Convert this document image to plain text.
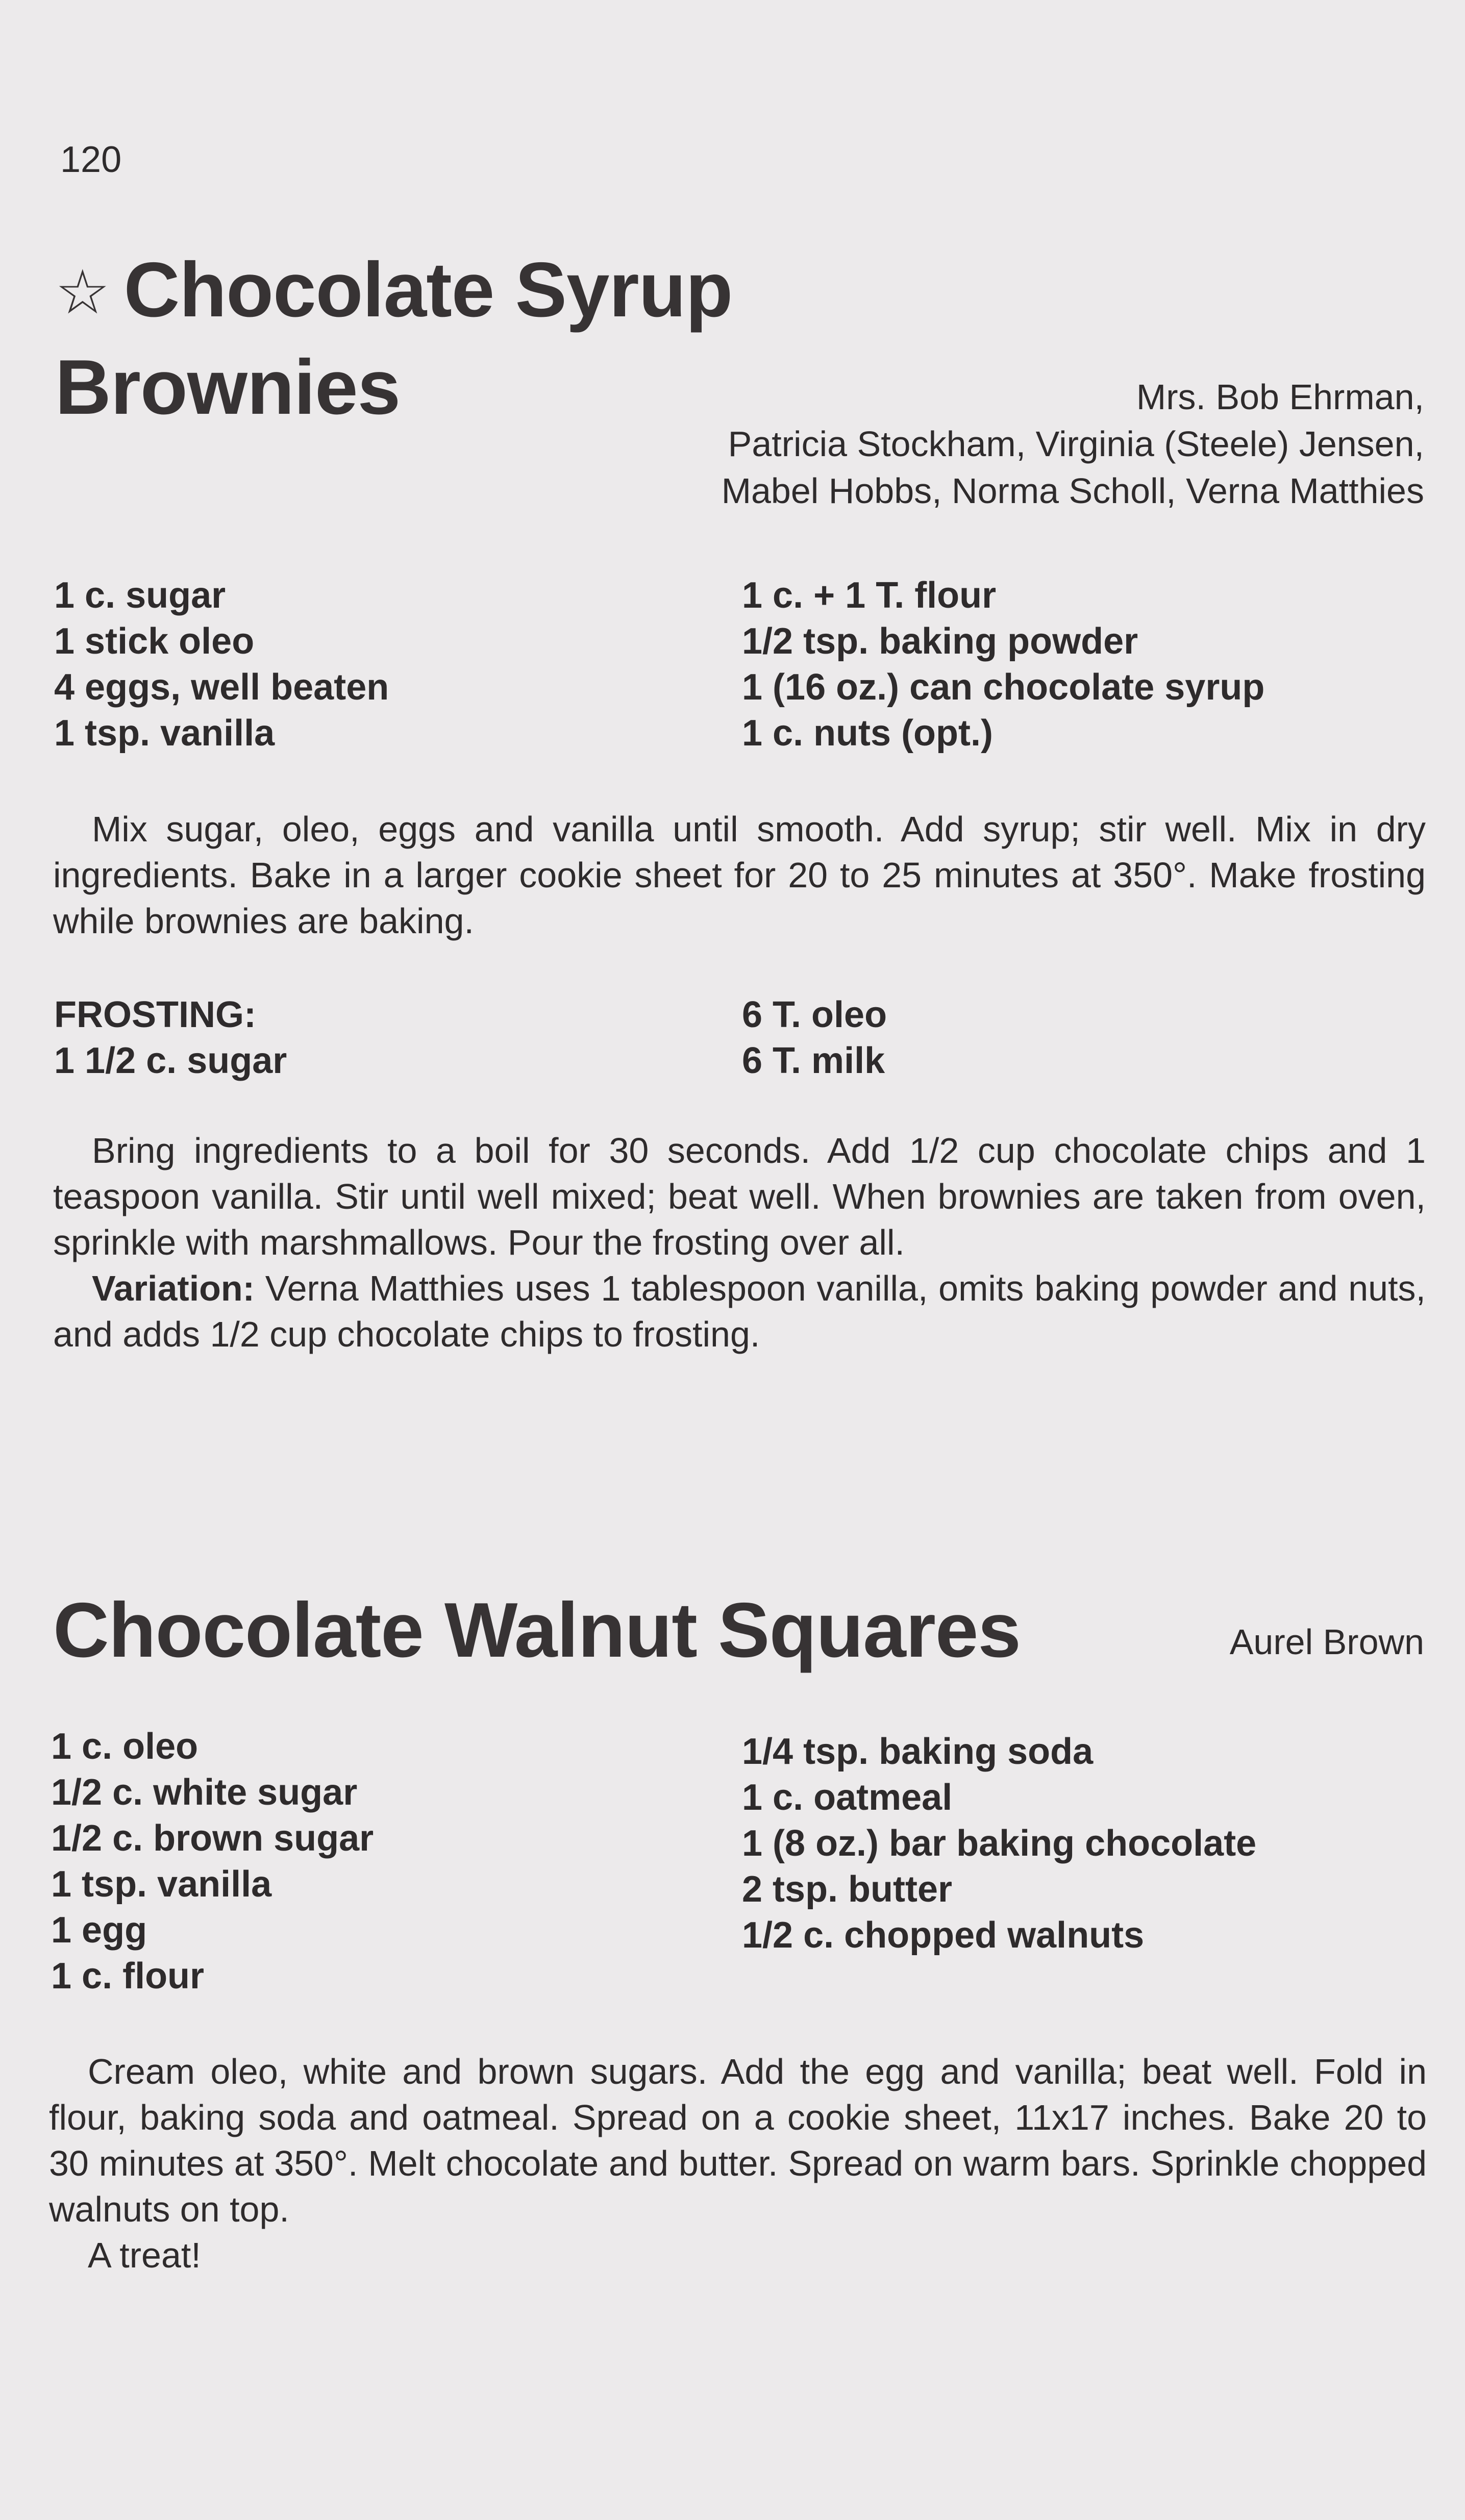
120
☆ Chocolate Syrup
Brownies	Mrs. Bob Ehrman,
Patricia Stockham, Virginia (Steele) Jensen,
Mabel Hobbs, Norma Scholl, Verna Matthies
1 c. sugar
1 stick oleo
4 eggs, well beaten
1 tsp. vanilla
1 c. + 1 T. flour
1/2 tsp. baking powder
1 (16 oz.) can chocolate syrup
1 c. nuts (opt.)

Mix sugar, oleo, eggs and vanilla until smooth. Add syrup; stir well. Mix in dry ingredients. Bake in a larger cookie sheet for 20 to 25 minutes at 350°. Make frosting while brownies are baking.

FROSTING:
1 1/2 c. sugar
6 T. oleo
6 T. milk

Bring ingredients to a boil for 30 seconds. Add 1/2 cup chocolate chips and 1 teaspoon vanilla. Stir until well mixed; beat well. When brownies are taken from oven, sprinkle with marshmallows. Pour the frosting over all.

Variation: Verna Matthies uses 1 tablespoon vanilla, omits baking powder and nuts, and adds 1/2 cup chocolate chips to frosting.

Chocolate Walnut Squares	Aurel Brown
1 c. oleo
1/2 c. white sugar
1/2 c. brown sugar
1 tsp. vanilla
1 egg
1 c. flour
1/4 tsp. baking soda
1 c. oatmeal
1 (8 oz.) bar baking chocolate
2 tsp. butter
1/2 c. chopped walnuts

Cream oleo, white and brown sugars. Add the egg and vanilla; beat well. Fold in flour, baking soda and oatmeal. Spread on a cookie sheet, 11x17 inches. Bake 20 to 30 minutes at 350°. Melt chocolate and butter. Spread on warm bars. Sprinkle chopped walnuts on top.

A treat!
